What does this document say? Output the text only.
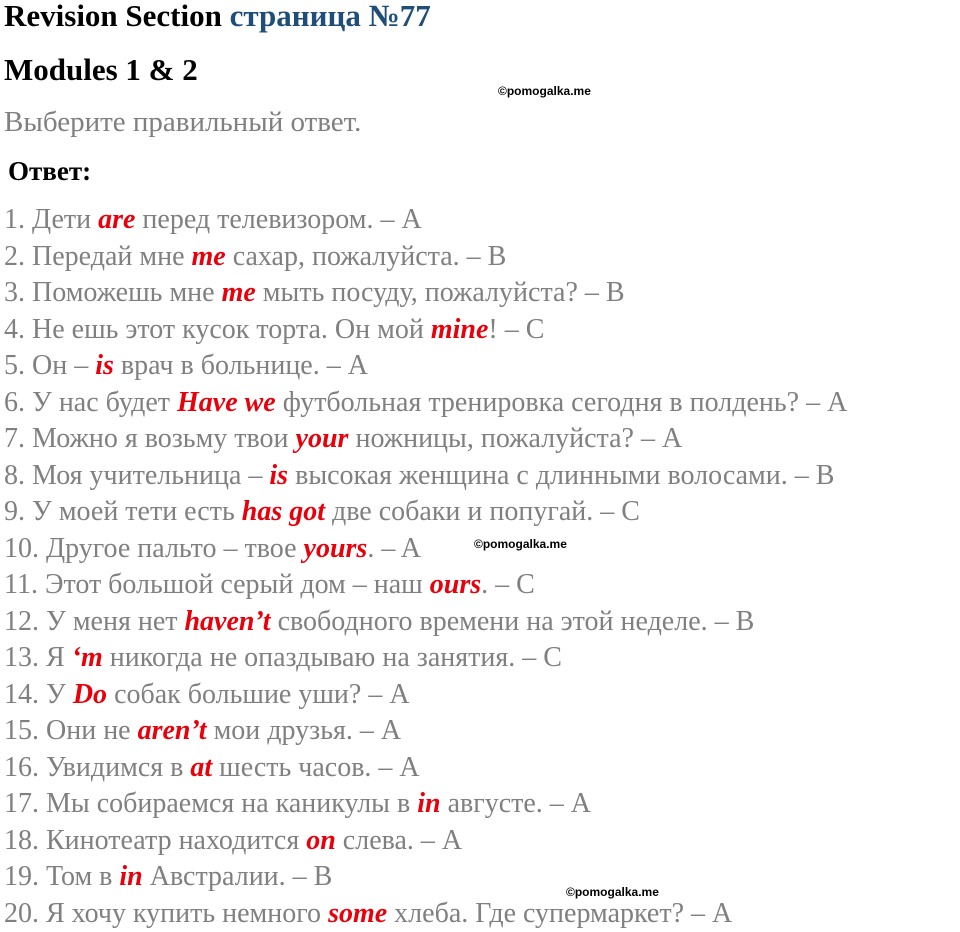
Revision Section страница №77
Modules 1 & 2
©pomogalka.me
©pomogalka.me
©pomogalka.me

Выберите правильный ответ.

Ответ:

1. Дети are перед телевизором. – A
2. Передай мне me сахар, пожалуйста. – B
3. Поможешь мне me мыть посуду, пожалуйста? – B
4. Не ешь этот кусок торта. Он мой mine! – C
5. Он – is врач в больнице. – A
6. У нас будет Have we футбольная тренировка сегодня в полдень? – A
7. Можно я возьму твои your ножницы, пожалуйста? – A
8. Моя учительница – is высокая женщина с длинными волосами. – B
9. У моей тети есть has got две собаки и попугай. – C
10. Другое пальто – твое yours. – A
11. Этот большой серый дом – наш ours. – C
12. У меня нет haven’t свободного времени на этой неделе. – B
13. Я ‘m никогда не опаздываю на занятия. – C
14. У Do собак большие уши? – A
15. Они не aren’t мои друзья. – A
16. Увидимся в at шесть часов. – A
17. Мы собираемся на каникулы в in августе. – A
18. Кинотеатр находится on слева. – A
19. Том в in Австралии. – B
20. Я хочу купить немного some хлеба. Где супермаркет? – A
